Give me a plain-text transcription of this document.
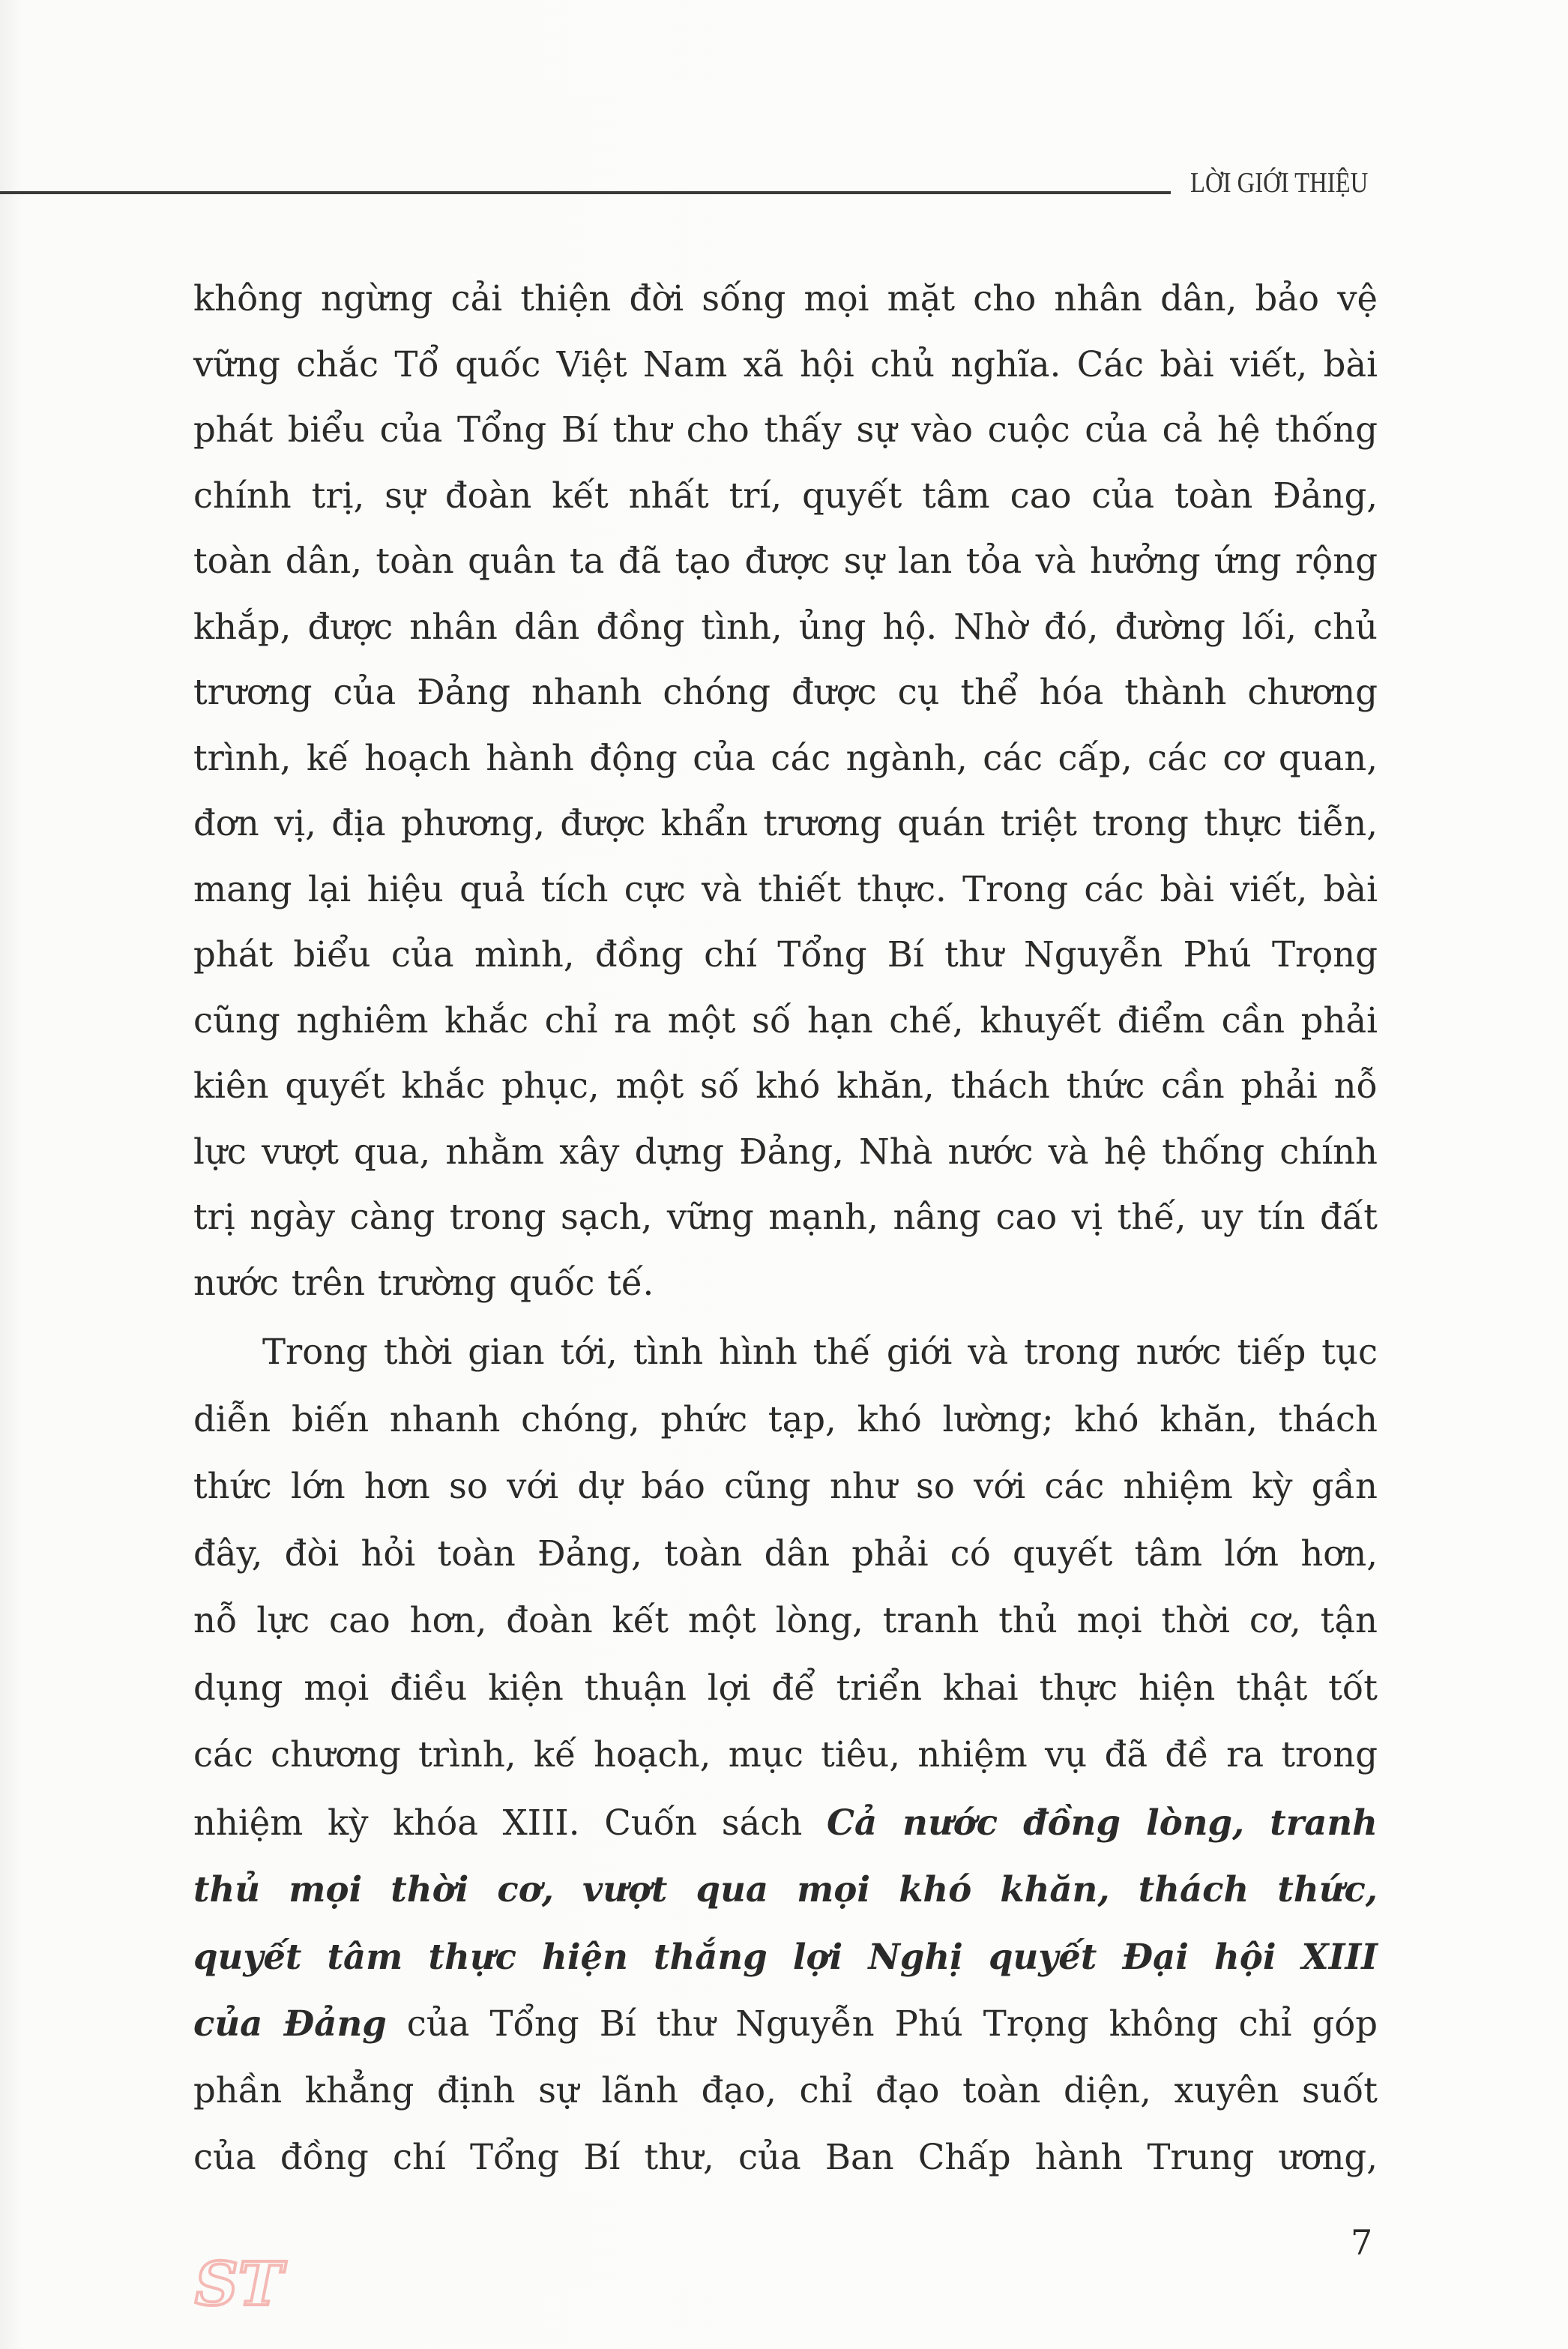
LỜI GIỚI THIỆU

không ngừng cải thiện đời sống mọi mặt cho nhân dân, bảo vệ
vững chắc Tổ quốc Việt Nam xã hội chủ nghĩa. Các bài viết, bài
phát biểu của Tổng Bí thư cho thấy sự vào cuộc của cả hệ thống
chính trị, sự đoàn kết nhất trí, quyết tâm cao của toàn Đảng,
toàn dân, toàn quân ta đã tạo được sự lan tỏa và hưởng ứng rộng
khắp, được nhân dân đồng tình, ủng hộ. Nhờ đó, đường lối, chủ
trương của Đảng nhanh chóng được cụ thể hóa thành chương
trình, kế hoạch hành động của các ngành, các cấp, các cơ quan,
đơn vị, địa phương, được khẩn trương quán triệt trong thực tiễn,
mang lại hiệu quả tích cực và thiết thực. Trong các bài viết, bài
phát biểu của mình, đồng chí Tổng Bí thư Nguyễn Phú Trọng
cũng nghiêm khắc chỉ ra một số hạn chế, khuyết điểm cần phải
kiên quyết khắc phục, một số khó khăn, thách thức cần phải nỗ
lực vượt qua, nhằm xây dựng Đảng, Nhà nước và hệ thống chính
trị ngày càng trong sạch, vững mạnh, nâng cao vị thế, uy tín đất
nước trên trường quốc tế.

Trong thời gian tới, tình hình thế giới và trong nước tiếp tục
diễn biến nhanh chóng, phức tạp, khó lường; khó khăn, thách
thức lớn hơn so với dự báo cũng như so với các nhiệm kỳ gần
đây, đòi hỏi toàn Đảng, toàn dân phải có quyết tâm lớn hơn,
nỗ lực cao hơn, đoàn kết một lòng, tranh thủ mọi thời cơ, tận
dụng mọi điều kiện thuận lợi để triển khai thực hiện thật tốt
các chương trình, kế hoạch, mục tiêu, nhiệm vụ đã đề ra trong
nhiệm kỳ khóa XIII. Cuốn sách Cả nước đồng lòng, tranh
thủ mọi thời cơ, vượt qua mọi khó khăn, thách thức,
quyết tâm thực hiện thắng lợi Nghị quyết Đại hội XIII
của Đảng của Tổng Bí thư Nguyễn Phú Trọng không chỉ góp
phần khẳng định sự lãnh đạo, chỉ đạo toàn diện, xuyên suốt
của đồng chí Tổng Bí thư, của Ban Chấp hành Trung ương,

7
ST
